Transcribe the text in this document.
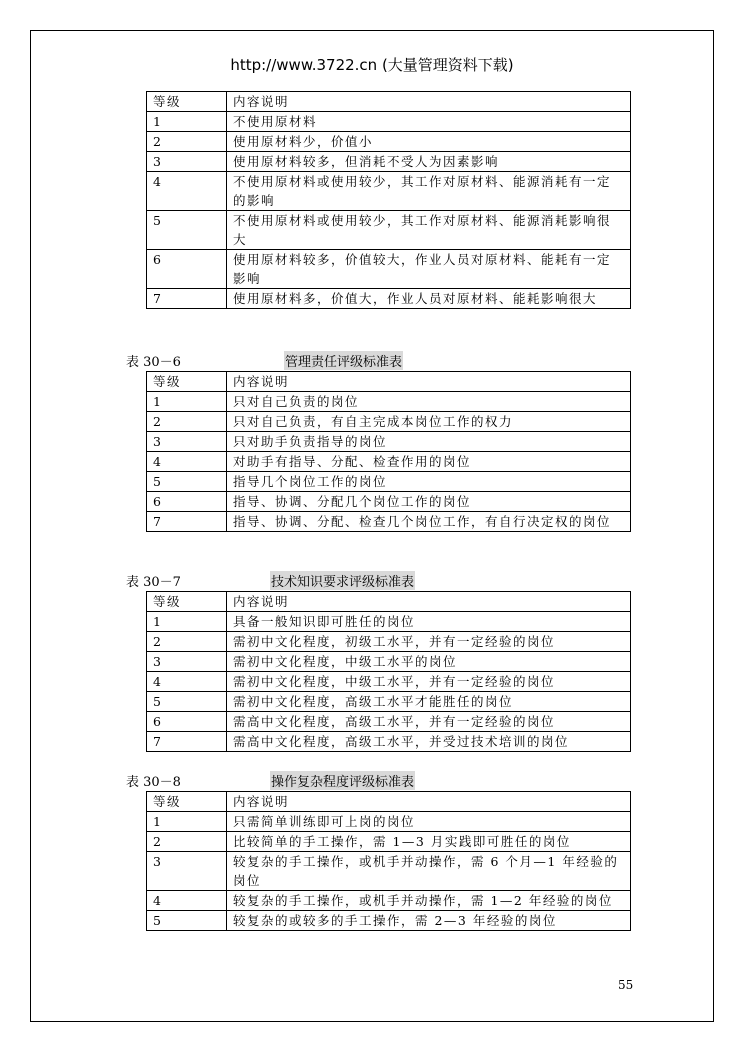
http://www.3722.cn (大量管理资料下载)
等级	内容说明
1	不使用原材料
2	使用原材料少，价值小
3	使用原材料较多，但消耗不受人为因素影响
4	不使用原材料或使用较少，其工作对原材料、能源消耗有一定的影响
5	不使用原材料或使用较少，其工作对原材料、能源消耗影响很大
6	使用原材料较多，价值较大，作业人员对原材料、能耗有一定影响
7	使用原材料多，价值大，作业人员对原材料、能耗影响很大
表 30－6	管理责任评级标准表
等级	内容说明
1	只对自己负责的岗位
2	只对自己负责，有自主完成本岗位工作的权力
3	只对助手负责指导的岗位
4	对助手有指导、分配、检查作用的岗位
5	指导几个岗位工作的岗位
6	指导、协调、分配几个岗位工作的岗位
7	指导、协调、分配、检查几个岗位工作，有自行决定权的岗位
表 30－7	技术知识要求评级标准表
等级	内容说明
1	具备一般知识即可胜任的岗位
2	需初中文化程度，初级工水平，并有一定经验的岗位
3	需初中文化程度，中级工水平的岗位
4	需初中文化程度，中级工水平，并有一定经验的岗位
5	需初中文化程度，高级工水平才能胜任的岗位
6	需高中文化程度，高级工水平，并有一定经验的岗位
7	需高中文化程度，高级工水平，并受过技术培训的岗位
表 30－8	操作复杂程度评级标准表
等级	内容说明
1	只需简单训练即可上岗的岗位
2	比较简单的手工操作，需 1—3 月实践即可胜任的岗位
3	较复杂的手工操作，或机手并动操作，需 6 个月—1 年经验的岗位
4	较复杂的手工操作，或机手并动操作，需 1—2 年经验的岗位
5	较复杂的或较多的手工操作，需 2—3 年经验的岗位
55
